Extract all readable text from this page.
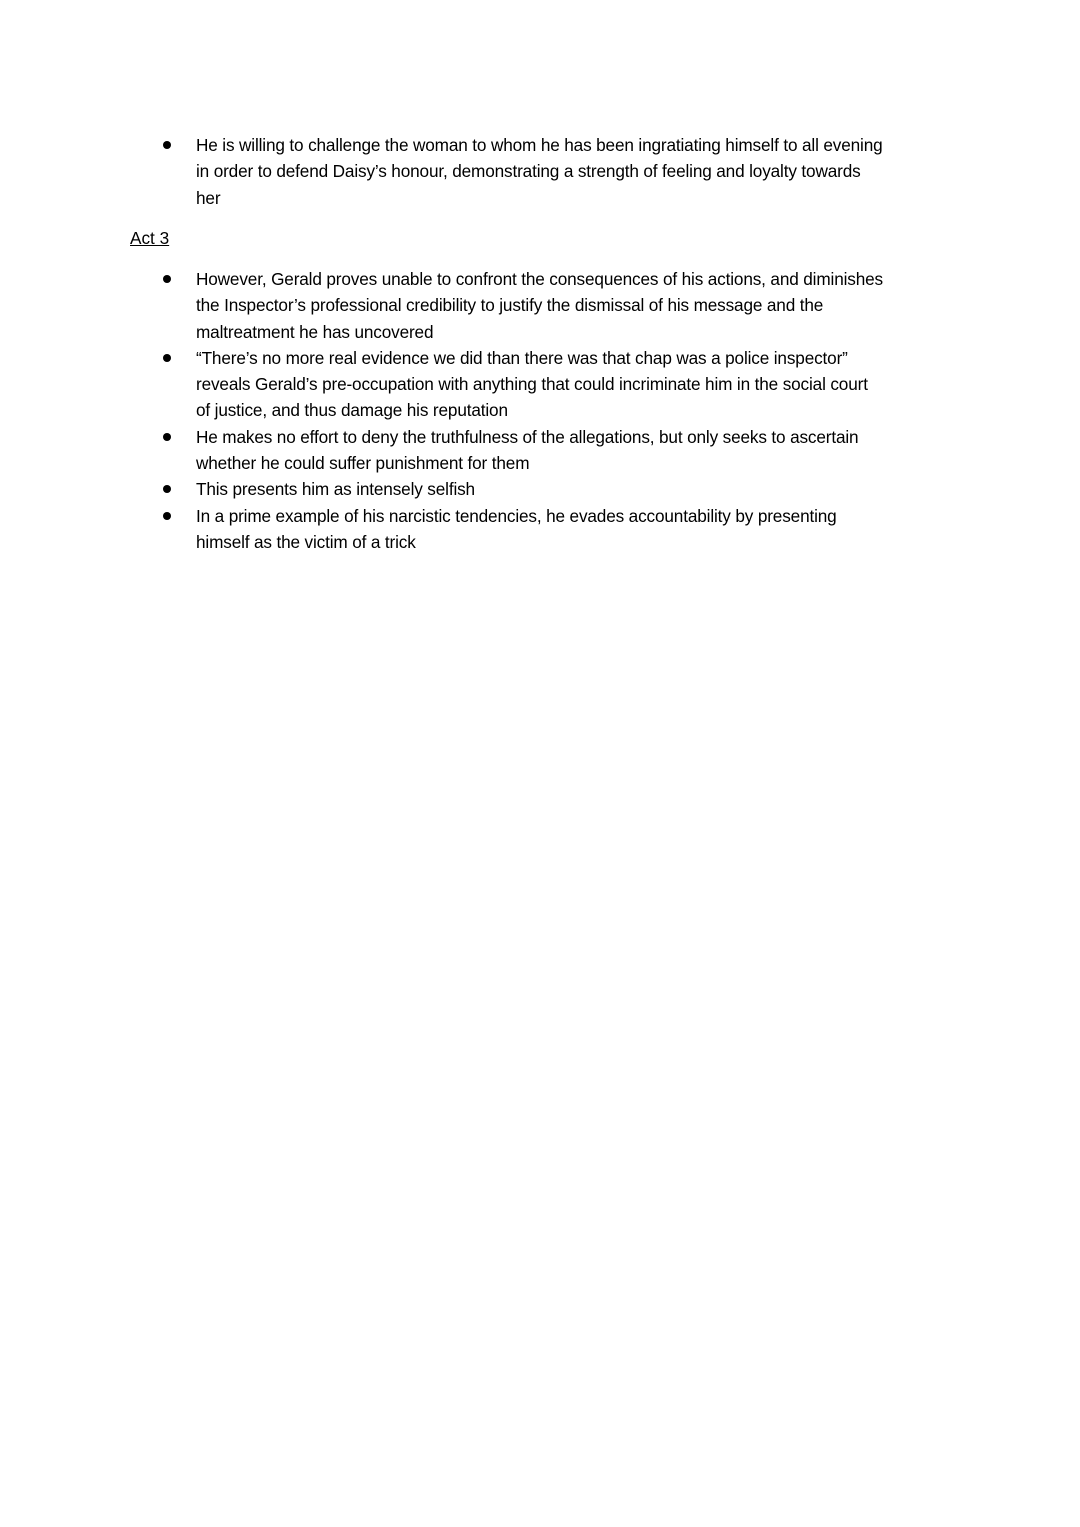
He is willing to challenge the woman to whom he has been ingratiating himself to all evening
in order to defend Daisy’s honour, demonstrating a strength of feeling and loyalty towards
her
Act 3
However, Gerald proves unable to confront the consequences of his actions, and diminishes
the Inspector’s professional credibility to justify the dismissal of his message and the
maltreatment he has uncovered
“There’s no more real evidence we did than there was that chap was a police inspector”
reveals Gerald’s pre-occupation with anything that could incriminate him in the social court
of justice, and thus damage his reputation
He makes no effort to deny the truthfulness of the allegations, but only seeks to ascertain
whether he could suffer punishment for them
This presents him as intensely selfish
In a prime example of his narcistic tendencies, he evades accountability by presenting
himself as the victim of a trick
